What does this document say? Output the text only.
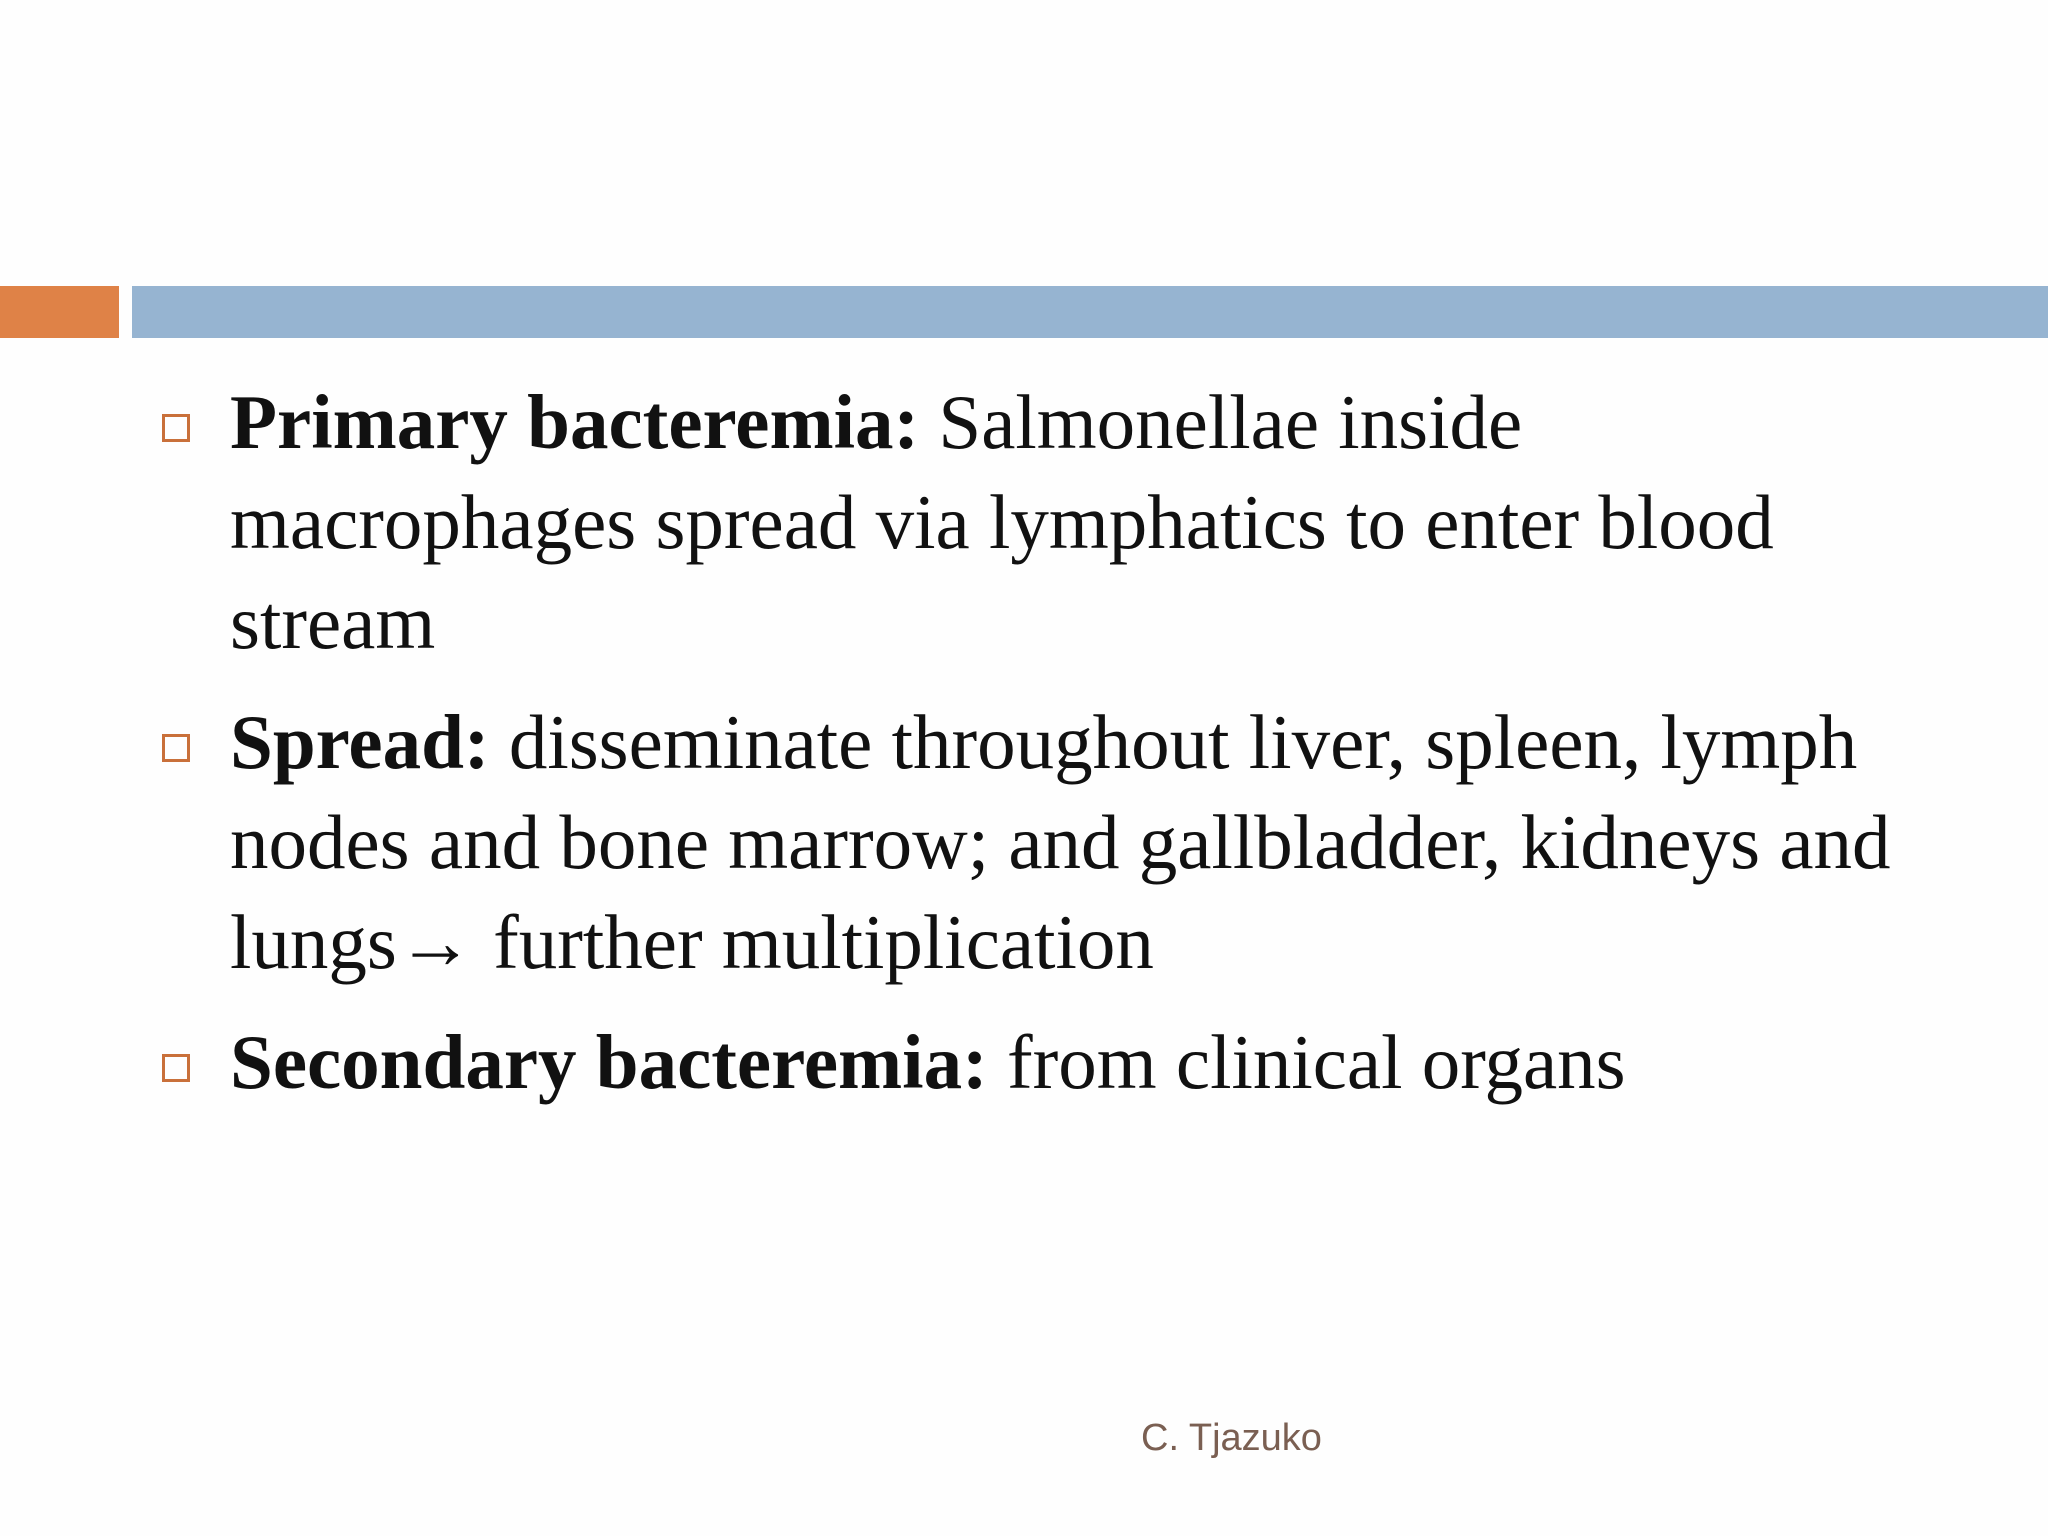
Primary bacteremia: Salmonellae inside macrophages spread via lymphatics to enter blood stream
Spread: disseminate throughout liver, spleen, lymph nodes and bone marrow; and gallbladder, kidneys and lungs→ further multiplication
Secondary bacteremia: from clinical organs
C. Tjazuko
